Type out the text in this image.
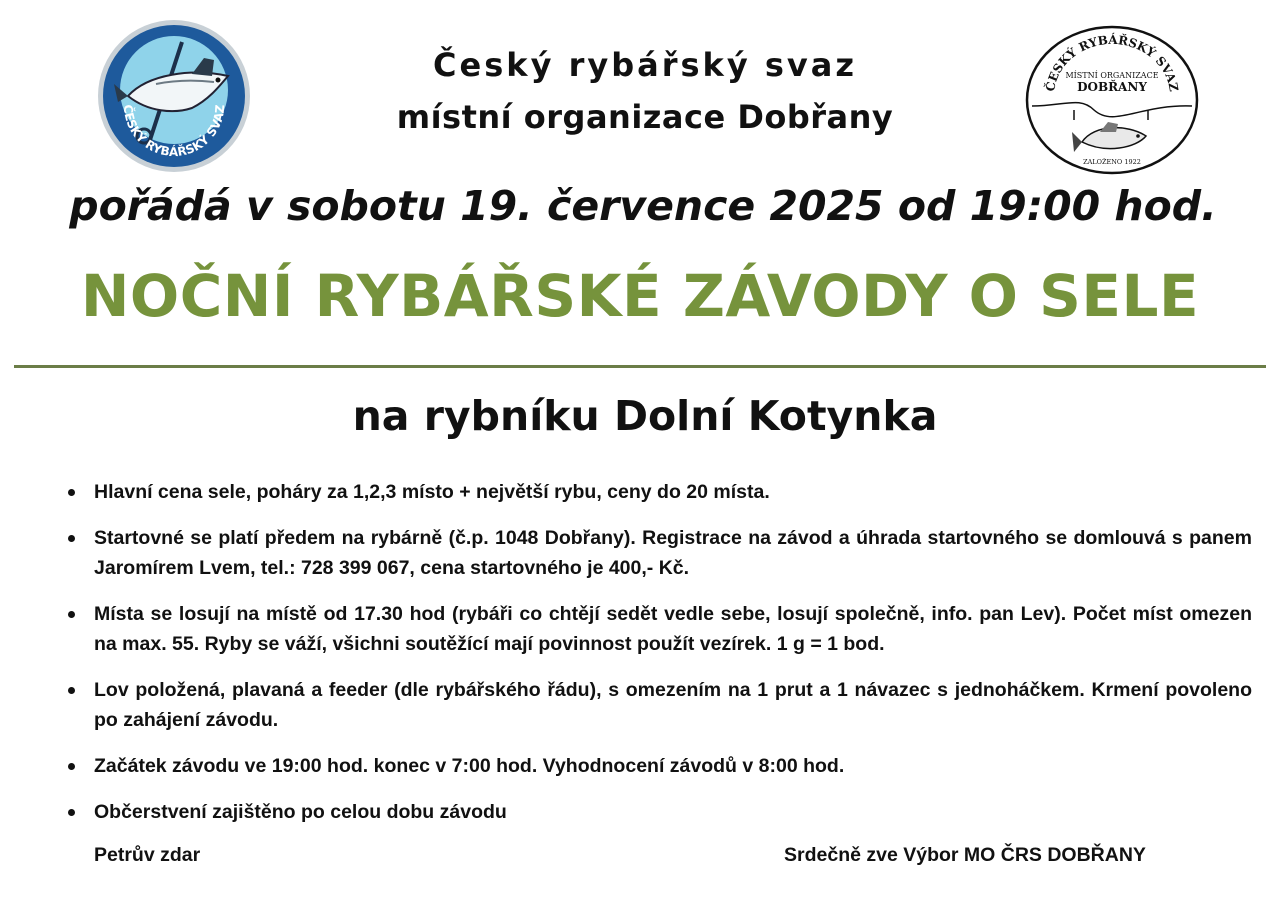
ČESKÝ RYBÁŘSKÝ SVAZ
Český rybářský svaz
místní organizace Dobřany
ČESKÝ RYBÁŘSKÝ SVAZ
MÍSTNÍ ORGANIZACE
DOBŘANY
ZALOŽENO 1922
pořádá v sobotu 19. července 2025 od 19:00 hod.
NOČNÍ RYBÁŘSKÉ ZÁVODY O SELE
na rybníku Dolní Kotynka
Hlavní cena sele, poháry za 1,2,3 místo + největší rybu, ceny do 20 místa.
Startovné se platí předem na rybárně (č.p. 1048 Dobřany). Registrace na závod a úhrada startovného se domlouvá s panem Jaromírem Lvem, tel.: 728 399 067, cena startovného je 400,- Kč.
Místa se losují na místě od 17.30 hod (rybáři co chtějí sedět vedle sebe, losují společně, info. pan Lev). Počet míst omezen na max. 55. Ryby se váží, všichni soutěžící mají povinnost použít vezírek. 1 g = 1 bod.
Lov položená, plavaná a feeder (dle rybářského řádu), s omezením na 1 prut a 1 návazec s jednoháčkem. Krmení povoleno po zahájení závodu.
Začátek závodu ve 19:00 hod. konec v 7:00 hod. Vyhodnocení závodů v 8:00 hod.
Občerstvení zajištěno po celou dobu závodu
Petrův zdar	Srdečně zve Výbor MO ČRS DOBŘANY
